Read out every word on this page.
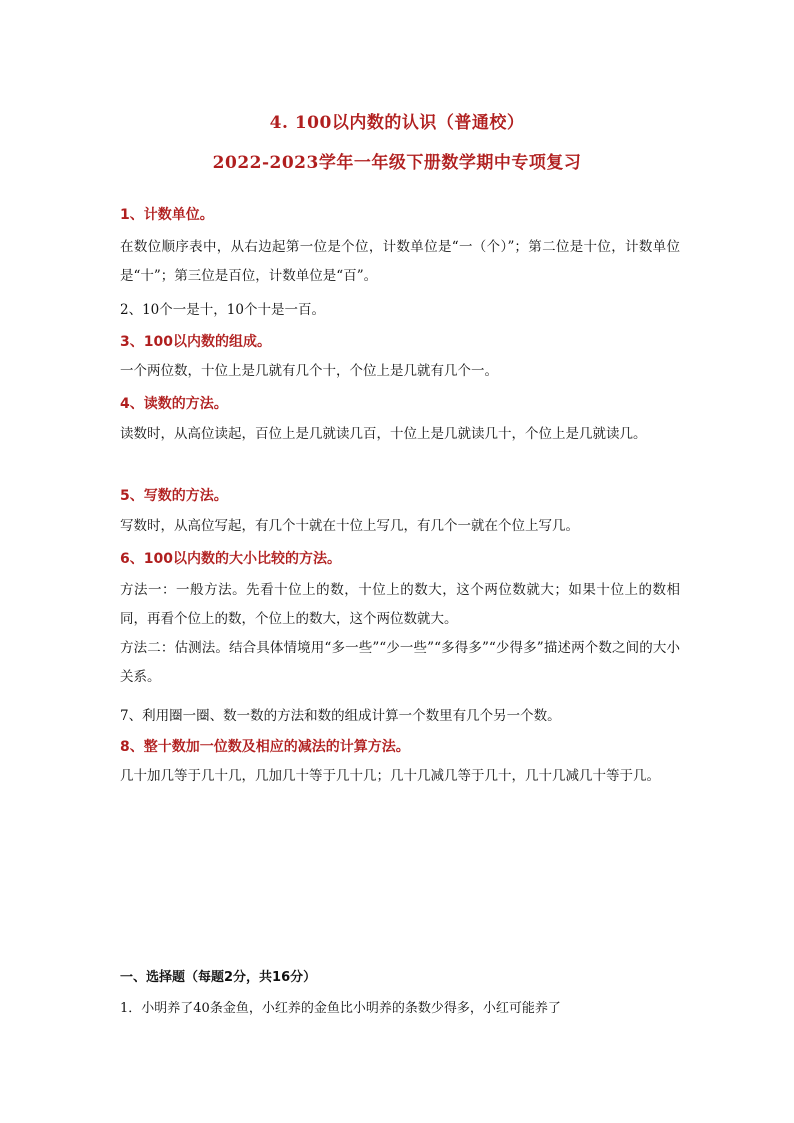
4. 100以内数的认识（普通校）
2022-2023学年一年级下册数学期中专项复习

1、计数单位。

在数位顺序表中，从右边起第一位是个位，计数单位是“一（个）”；第二位是十位，计数单位是“十”；第三位是百位，计数单位是“百”。

2、10个一是十，10个十是一百。

3、100以内数的组成。

一个两位数，十位上是几就有几个十，个位上是几就有几个一。

4、读数的方法。

读数时，从高位读起，百位上是几就读几百，十位上是几就读几十，个位上是几就读几。

5、写数的方法。

写数时，从高位写起，有几个十就在十位上写几，有几个一就在个位上写几。

6、100以内数的大小比较的方法。

方法一：一般方法。先看十位上的数，十位上的数大，这个两位数就大；如果十位上的数相同，再看个位上的数，个位上的数大，这个两位数就大。

方法二：估测法。结合具体情境用“多一些”“少一些”“多得多”“少得多”描述两个数之间的大小关系。

7、利用圈一圈、数一数的方法和数的组成计算一个数里有几个另一个数。

8、整十数加一位数及相应的减法的计算方法。

几十加几等于几十几，几加几十等于几十几；几十几减几等于几十，几十几减几十等于几。

一、选择题（每题2分，共16分）
1．小明养了40条金鱼，小红养的金鱼比小明养的条数少得多，小红可能养了
